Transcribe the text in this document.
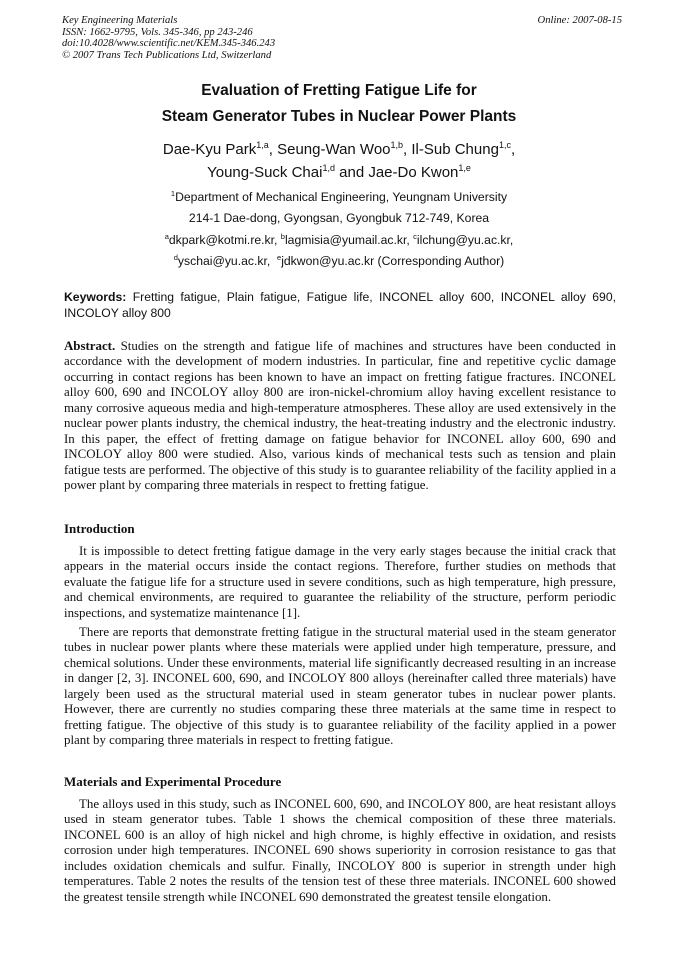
Key Engineering Materials
ISSN: 1662-9795, Vols. 345-346, pp 243-246
doi:10.4028/www.scientific.net/KEM.345-346.243
© 2007 Trans Tech Publications Ltd, Switzerland
Online: 2007-08-15
Evaluation of Fretting Fatigue Life for
Steam Generator Tubes in Nuclear Power Plants
Dae-Kyu Park$^{1,a}$, Seung-Wan Woo$^{1,b}$, Il-Sub Chung$^{1,c}$,
Young-Suck Chai$^{1,d}$ and Jae-Do Kwon$^{1,e}$
$^1$Department of Mechanical Engineering, Yeungnam University
214-1 Dae-dong, Gyongsan, Gyongbuk 712-749, Korea
$^a$dkpark@kotmi.re.kr, $^b$lagmisia@yumail.ac.kr, $^c$ilchung@yu.ac.kr,
$^d$yschai@yu.ac.kr, $^e$jdkwon@yu.ac.kr (Corresponding Author)
Keywords: Fretting fatigue, Plain fatigue, Fatigue life, INCONEL alloy 600, INCONEL alloy 690, INCOLOY alloy 800

Abstract. Studies on the strength and fatigue life of machines and structures have been conducted in accordance with the development of modern industries. In particular, fine and repetitive cyclic damage occurring in contact regions has been known to have an impact on fretting fatigue fractures. INCONEL alloy 600, 690 and INCOLOY alloy 800 are iron-nickel-chromium alloy having excellent resistance to many corrosive aqueous media and high-temperature atmospheres. These alloy are used extensively in the nuclear power plants industry, the chemical industry, the heat-treating industry and the electronic industry. In this paper, the effect of fretting damage on fatigue behavior for INCONEL alloy 600, 690 and INCOLOY alloy 800 were studied. Also, various kinds of mechanical tests such as tension and plain fatigue tests are performed. The objective of this study is to guarantee reliability of the facility applied in a power plant by comparing three materials in respect to fretting fatigue.

Introduction

It is impossible to detect fretting fatigue damage in the very early stages because the initial crack that appears in the material occurs inside the contact regions. Therefore, further studies on methods that evaluate the fatigue life for a structure used in severe conditions, such as high temperature, high pressure, and chemical environments, are required to guarantee the reliability of the structure, perform periodic inspections, and systematize maintenance [1].

There are reports that demonstrate fretting fatigue in the structural material used in the steam generator tubes in nuclear power plants where these materials were applied under high temperature, pressure, and chemical solutions. Under these environments, material life significantly decreased resulting in an increase in danger [2, 3]. INCONEL 600, 690, and INCOLOY 800 alloys (hereinafter called three materials) have largely been used as the structural material used in steam generator tubes in nuclear power plants. However, there are currently no studies comparing these three materials at the same time in respect to fretting fatigue. The objective of this study is to guarantee reliability of the facility applied in a power plant by comparing three materials in respect to fretting fatigue.

Materials and Experimental Procedure

The alloys used in this study, such as INCONEL 600, 690, and INCOLOY 800, are heat resistant alloys used in steam generator tubes. Table 1 shows the chemical composition of these three materials. INCONEL 600 is an alloy of high nickel and high chrome, is highly effective in oxidation, and resists corrosion under high temperatures. INCONEL 690 shows superiority in corrosion resistance to gas that includes oxidation chemicals and sulfur. Finally, INCOLOY 800 is superior in strength under high temperatures. Table 2 notes the results of the tension test of these three materials. INCONEL 600 showed the greatest tensile strength while INCONEL 690 demonstrated the greatest tensile elongation.
